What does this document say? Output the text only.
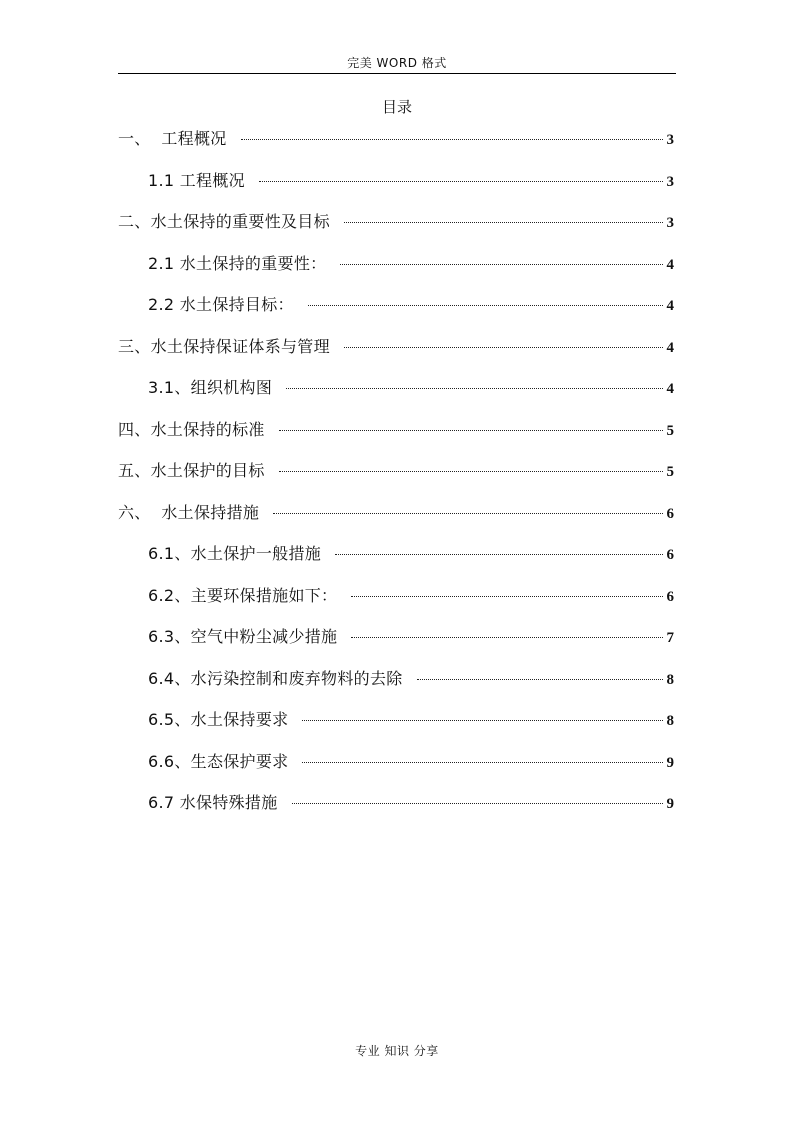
完美 WORD 格式
目录
一、  工程概况	3
1.1 工程概况	3
二、水土保持的重要性及目标	3
2.1 水土保持的重要性：	4
2.2 水土保持目标：	4
三、水土保持保证体系与管理	4
3.1、组织机构图	4
四、水土保持的标准	5
五、水土保护的目标	5
六、  水土保持措施	6
6.1、水土保护一般措施	6
6.2、主要环保措施如下：	6
6.3、空气中粉尘减少措施	7
6.4、水污染控制和废弃物料的去除	8
6.5、水土保持要求	8
6.6、生态保护要求	9
6.7 水保特殊措施	9
专业 知识 分享
